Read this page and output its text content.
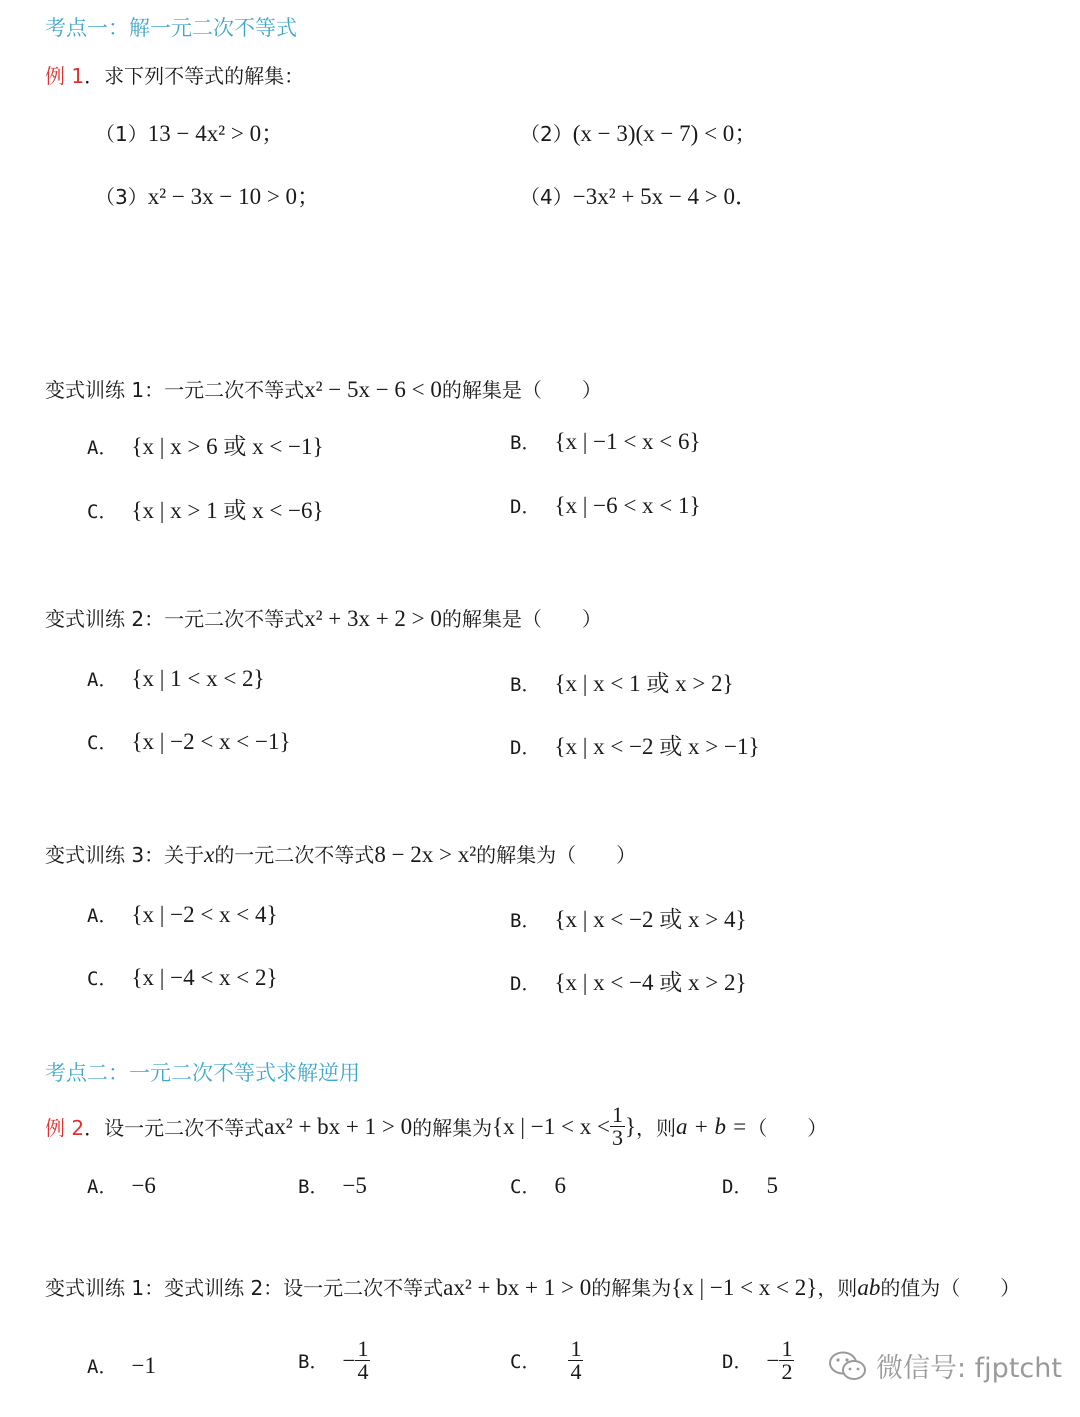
考点一：解一元二次不等式
例 1．求下列不等式的解集：
（1）13 − 4x² > 0；	（2）(x − 3)(x − 7) < 0；
（3）x² − 3x − 10 > 0；	（4）−3x² + 5x − 4 > 0．
变式训练 1：一元二次不等式x² − 5x − 6 < 0的解集是（　　）
A． {x | x > 6 或 x < −1}	B． {x | −1 < x < 6}
C． {x | x > 1 或 x < −6}	D． {x | −6 < x < 1}
变式训练 2：一元二次不等式x² + 3x + 2 > 0的解集是（　　）
A． {x | 1 < x < 2}	B． {x | x < 1 或 x > 2}
C． {x | −2 < x < −1}	D． {x | x < −2 或 x > −1}
变式训练 3：关于x的一元二次不等式8 − 2x > x²的解集为（　　）
A． {x | −2 < x < 4}	B． {x | x < −2 或 x > 4}
C． {x | −4 < x < 2}	D． {x | x < −4 或 x > 2}
考点二：一元二次不等式求解逆用
例 2 ．设一元二次不等式 ax² + bx + 1 > 0 的解集为 {x | $-1 < x < \frac{1}{3}$ } ，则 a + b = （　　）
A． −6	B． −5	C． 6	D． 5
变式训练 1：变式训练 2：设一元二次不等式ax² + bx + 1 > 0的解集为{x | −1 < x < 2}，则ab的值为（　　）
A． − 1	B． − $\frac{1}{4}$	C． $\frac{1}{4}$	D． − $\frac{1}{2}$	微信号: fjptcht
